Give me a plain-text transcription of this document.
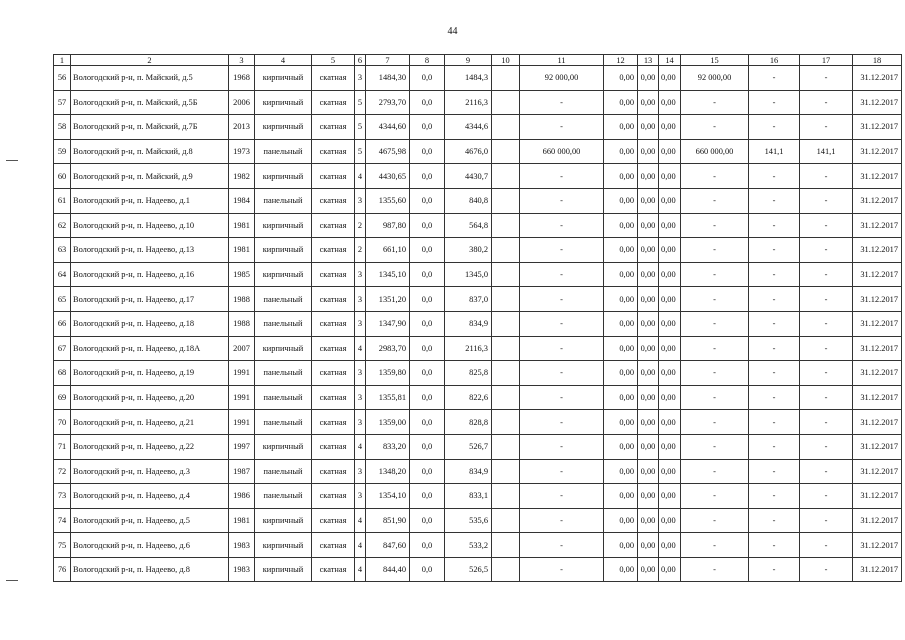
44
1	2	3	4	5	6	7	8	9	10	11	12	13	14	15	16	17	18
56	Вологодский р-н, п. Майский, д.5	1968	кирпичный	скатная	3	1484,30	0,0	1484,3		92 000,00	0,00	0,00	0,00	92 000,00	-	-	31.12.2017
57	Вологодский р-н, п. Майский, д.5Б	2006	кирпичный	скатная	5	2793,70	0,0	2116,3		-	0,00	0,00	0,00	-	-	-	31.12.2017
58	Вологодский р-н, п. Майский, д.7Б	2013	кирпичный	скатная	5	4344,60	0,0	4344,6		-	0,00	0,00	0,00	-	-	-	31.12.2017
59	Вологодский р-н, п. Майский, д.8	1973	панельный	скатная	5	4675,98	0,0	4676,0		660 000,00	0,00	0,00	0,00	660 000,00	141,1	141,1	31.12.2017
60	Вологодский р-н, п. Майский, д.9	1982	кирпичный	скатная	4	4430,65	0,0	4430,7		-	0,00	0,00	0,00	-	-	-	31.12.2017
61	Вологодский р-н, п. Надеево, д.1	1984	панельный	скатная	3	1355,60	0,0	840,8		-	0,00	0,00	0,00	-	-	-	31.12.2017
62	Вологодский р-н, п. Надеево, д.10	1981	кирпичный	скатная	2	987,80	0,0	564,8		-	0,00	0,00	0,00	-	-	-	31.12.2017
63	Вологодский р-н, п. Надеево, д.13	1981	кирпичный	скатная	2	661,10	0,0	380,2		-	0,00	0,00	0,00	-	-	-	31.12.2017
64	Вологодский р-н, п. Надеево, д.16	1985	кирпичный	скатная	3	1345,10	0,0	1345,0		-	0,00	0,00	0,00	-	-	-	31.12.2017
65	Вологодский р-н, п. Надеево, д.17	1988	панельный	скатная	3	1351,20	0,0	837,0		-	0,00	0,00	0,00	-	-	-	31.12.2017
66	Вологодский р-н, п. Надеево, д.18	1988	панельный	скатная	3	1347,90	0,0	834,9		-	0,00	0,00	0,00	-	-	-	31.12.2017
67	Вологодский р-н, п. Надеево, д.18А	2007	кирпичный	скатная	4	2983,70	0,0	2116,3		-	0,00	0,00	0,00	-	-	-	31.12.2017
68	Вологодский р-н, п. Надеево, д.19	1991	панельный	скатная	3	1359,80	0,0	825,8		-	0,00	0,00	0,00	-	-	-	31.12.2017
69	Вологодский р-н, п. Надеево, д.20	1991	панельный	скатная	3	1355,81	0,0	822,6		-	0,00	0,00	0,00	-	-	-	31.12.2017
70	Вологодский р-н, п. Надеево, д.21	1991	панельный	скатная	3	1359,00	0,0	828,8		-	0,00	0,00	0,00	-	-	-	31.12.2017
71	Вологодский р-н, п. Надеево, д.22	1997	кирпичный	скатная	4	833,20	0,0	526,7		-	0,00	0,00	0,00	-	-	-	31.12.2017
72	Вологодский р-н, п. Надеево, д.3	1987	панельный	скатная	3	1348,20	0,0	834,9		-	0,00	0,00	0,00	-	-	-	31.12.2017
73	Вологодский р-н, п. Надеево, д.4	1986	панельный	скатная	3	1354,10	0,0	833,1		-	0,00	0,00	0,00	-	-	-	31.12.2017
74	Вологодский р-н, п. Надеево, д.5	1981	кирпичный	скатная	4	851,90	0,0	535,6		-	0,00	0,00	0,00	-	-	-	31.12.2017
75	Вологодский р-н, п. Надеево, д.6	1983	кирпичный	скатная	4	847,60	0,0	533,2		-	0,00	0,00	0,00	-	-	-	31.12.2017
76	Вологодский р-н, п. Надеево, д.8	1983	кирпичный	скатная	4	844,40	0,0	526,5		-	0,00	0,00	0,00	-	-	-	31.12.2017
